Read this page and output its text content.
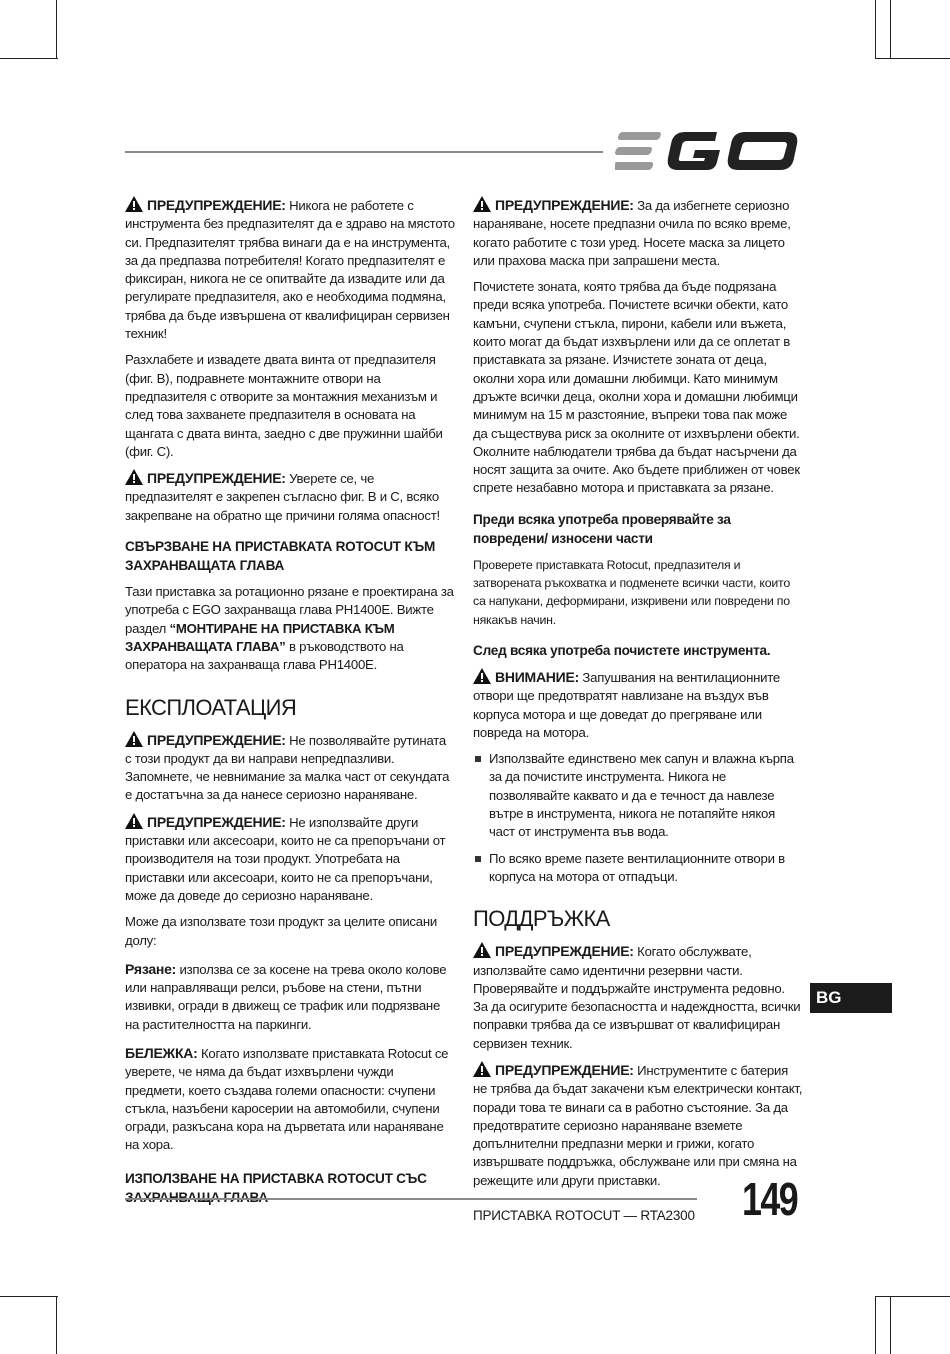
ПРЕДУПРЕЖДЕНИЕ: Никога не работете с инструмента без предпазителят да е здраво на мястото си. Предпазителят трябва винаги да е на инструмента, за да предпазва потребителя! Когато предпазителят е фиксиран, никога не се опитвайте да извадите или да регулирате предпазителя, ако е необходима подмяна, трябва да бъде извършена от квалифициран сервизен техник!

Разхлабете и извадете двата винта от предпазителя (фиг. B), подравнете монтажните отвори на предпазителя с отворите за монтажния механизъм и след това захванете предпазителя в основата на щангата с двата винта, заедно с две пружинни шайби (фиг. C).

ПРЕДУПРЕЖДЕНИЕ: Уверете се, че предпазителят е закрепен съгласно фиг. B и C, всяко закрепване на обратно ще причини голяма опасност!

СВЪРЗВАНЕ НА ПРИСТАВКАТА ROTOCUT КЪМ ЗАХРАНВАЩАТА ГЛАВА

Тази приставка за ротационно рязане е проектирана за употреба с EGO захранваща глава PH1400E. Вижте раздел “МОНТИРАНЕ НА ПРИСТАВКА КЪМ ЗАХРАНВАЩАТА ГЛАВА” в ръководството на оператора на захранваща глава PH1400E.

ЕКСПЛОАТАЦИЯ

ПРЕДУПРЕЖДЕНИЕ: Не позволявайте рутината с този продукт да ви направи непредпазливи. Запомнете, че невнимание за малка част от секундата е достатъчна за да нанесе сериозно нараняване.

ПРЕДУПРЕЖДЕНИЕ: Не използвайте други приставки или аксесоари, които не са препоръчани от производителя на този продукт. Употребата на приставки или аксесоари, които не са препоръчани, може да доведе до сериозно нараняване.

Може да използвате този продукт за целите описани долу:

Рязане: използва се за косене на трева около колове или направляващи релси, ръбове на стени, пътни извивки, огради в движещ се трафик или подрязване на растителността на паркинги.

БЕЛЕЖКА: Когато използвате приставката Rotocut се уверете, че няма да бъдат изхвърлени чужди предмети, което създава големи опасности: счупени стъкла, назъбени каросерии на автомобили, счупени огради, разкъсана кора на дърветата или нараняване на хора.

ИЗПОЛЗВАНЕ НА ПРИСТАВКА ROTOCUT СЪС

ПРЕДУПРЕЖДЕНИЕ: За да избегнете сериозно нараняване, носете предпазни очила по всяко време, когато работите с този уред. Носете маска за лицето или прахова маска при запрашени места.

Почистете зоната, която трябва да бъде подрязана преди всяка употреба. Почистете всички обекти, като камъни, счупени стъкла, пирони, кабели или въжета, които могат да бъдат изхвърлени или да се оплетат в приставката за рязане. Изчистете зоната от деца, околни хора или домашни любимци. Като минимум дръжте всички деца, околни хора и домашни любимци минимум на 15 м разстояние, въпреки това пак може да съществува риск за околните от изхвърлени обекти. Околните наблюдатели трябва да бъдат насърчени да носят защита за очите. Ако бъдете приближен от човек спрете незабавно мотора и приставката за рязане.

Преди всяка употреба проверявайте за повредени/ износени части

Проверете приставката Rotocut, предпазителя и затворената ръкохватка и подменете всички части, които са напукани, деформирани, изкривени или повредени по някакъв начин.

След всяка употреба почистете инструмента.

ВНИМАНИЕ: Запушвания на вентилационните отвори ще предотвратят навлизане на въздух във корпуса мотора и ще доведат до прегряване или повреда на мотора.

Използвайте единствено мек сапун и влажна кърпа за да почистите инструмента. Никога не позволявайте каквато и да е течност да навлезе вътре в инструмента, никога не потапяйте някоя част от инструмента във вода.
По всяко време пазете вентилационните отвори в корпуса на мотора от отпадъци.
ПОДДРЪЖКА

ПРЕДУПРЕЖДЕНИЕ: Когато обслужвате, използвайте само идентични резервни части. Проверявайте и поддържайте инструмента редовно. За да осигурите безопасността и надеждността, всички поправки трябва да се извършват от квалифициран сервизен техник.

ПРЕДУПРЕЖДЕНИЕ: Инструментите с батерия не трябва да бъдат закачени към електрически контакт, поради това те винаги са в работно състояние. За да предотвратите сериозно нараняване вземете допълнителни предпазни мерки и грижи, когато извършвате поддръжка, обслужване или при смяна на режещите или други приставки.

BG
ПРИСТАВКА ROTOCUT — RTA2300 149
